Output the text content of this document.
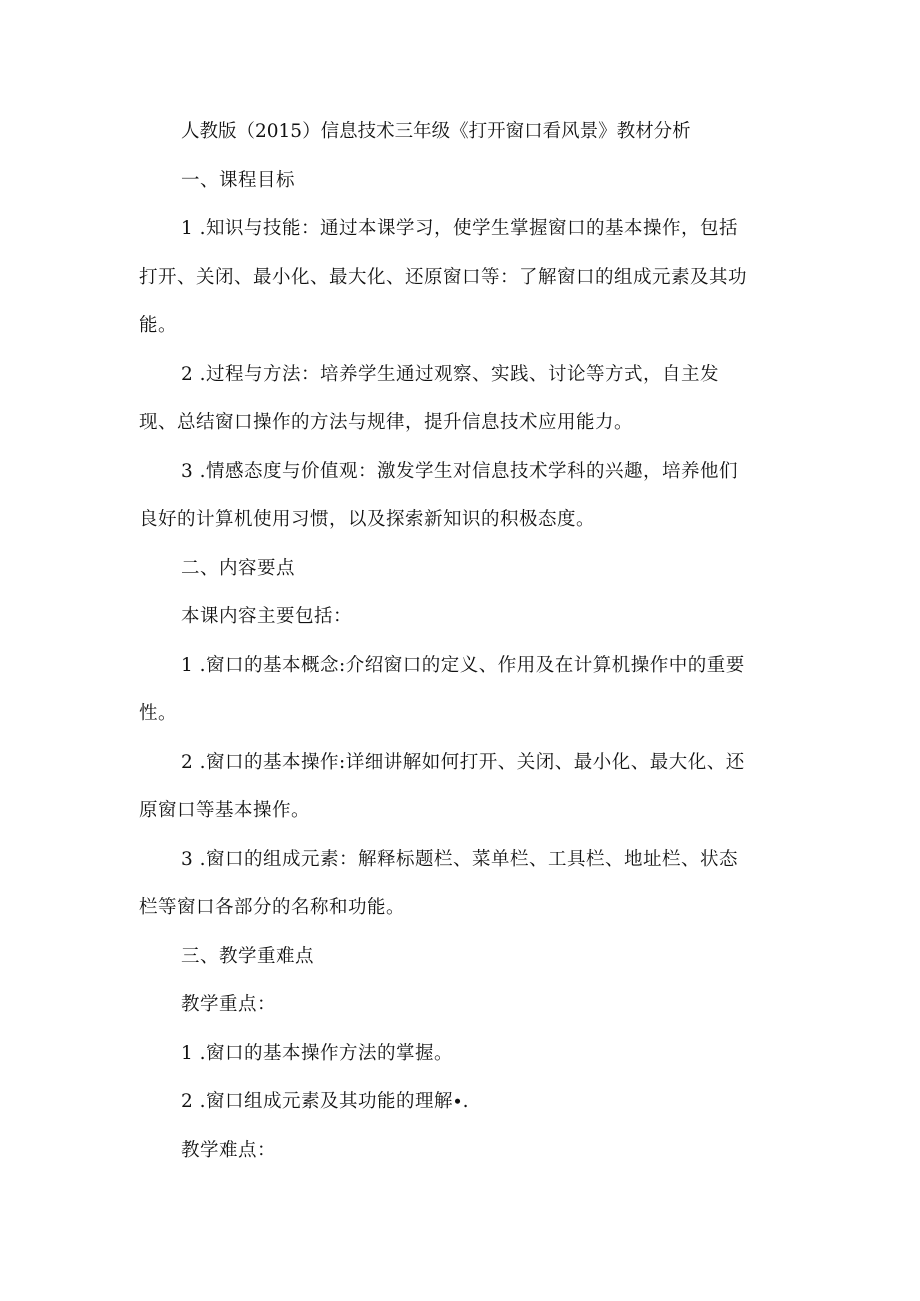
人教版（2015）信息技术三年级《打开窗口看风景》教材分析

一、课程目标

1 .知识与技能：通过本课学习，使学生掌握窗口的基本操作，包括

打开、关闭、最小化、最大化、还原窗口等：了解窗口的组成元素及其功

能。

2 .过程与方法：培养学生通过观察、实践、讨论等方式，自主发

现、总结窗口操作的方法与规律，提升信息技术应用能力。

3 .情感态度与价值观：激发学生对信息技术学科的兴趣，培养他们

良好的计算机使用习惯，以及探索新知识的积极态度。

二、内容要点

本课内容主要包括：

1 .窗口的基本概念:介绍窗口的定义、作用及在计算机操作中的重要

性。

2 .窗口的基本操作:详细讲解如何打开、关闭、最小化、最大化、还

原窗口等基本操作。

3 .窗口的组成元素：解释标题栏、菜单栏、工具栏、地址栏、状态

栏等窗口各部分的名称和功能。

三、教学重难点

教学重点：

1 .窗口的基本操作方法的掌握。

2 .窗口组成元素及其功能的理解∙.

教学难点：
